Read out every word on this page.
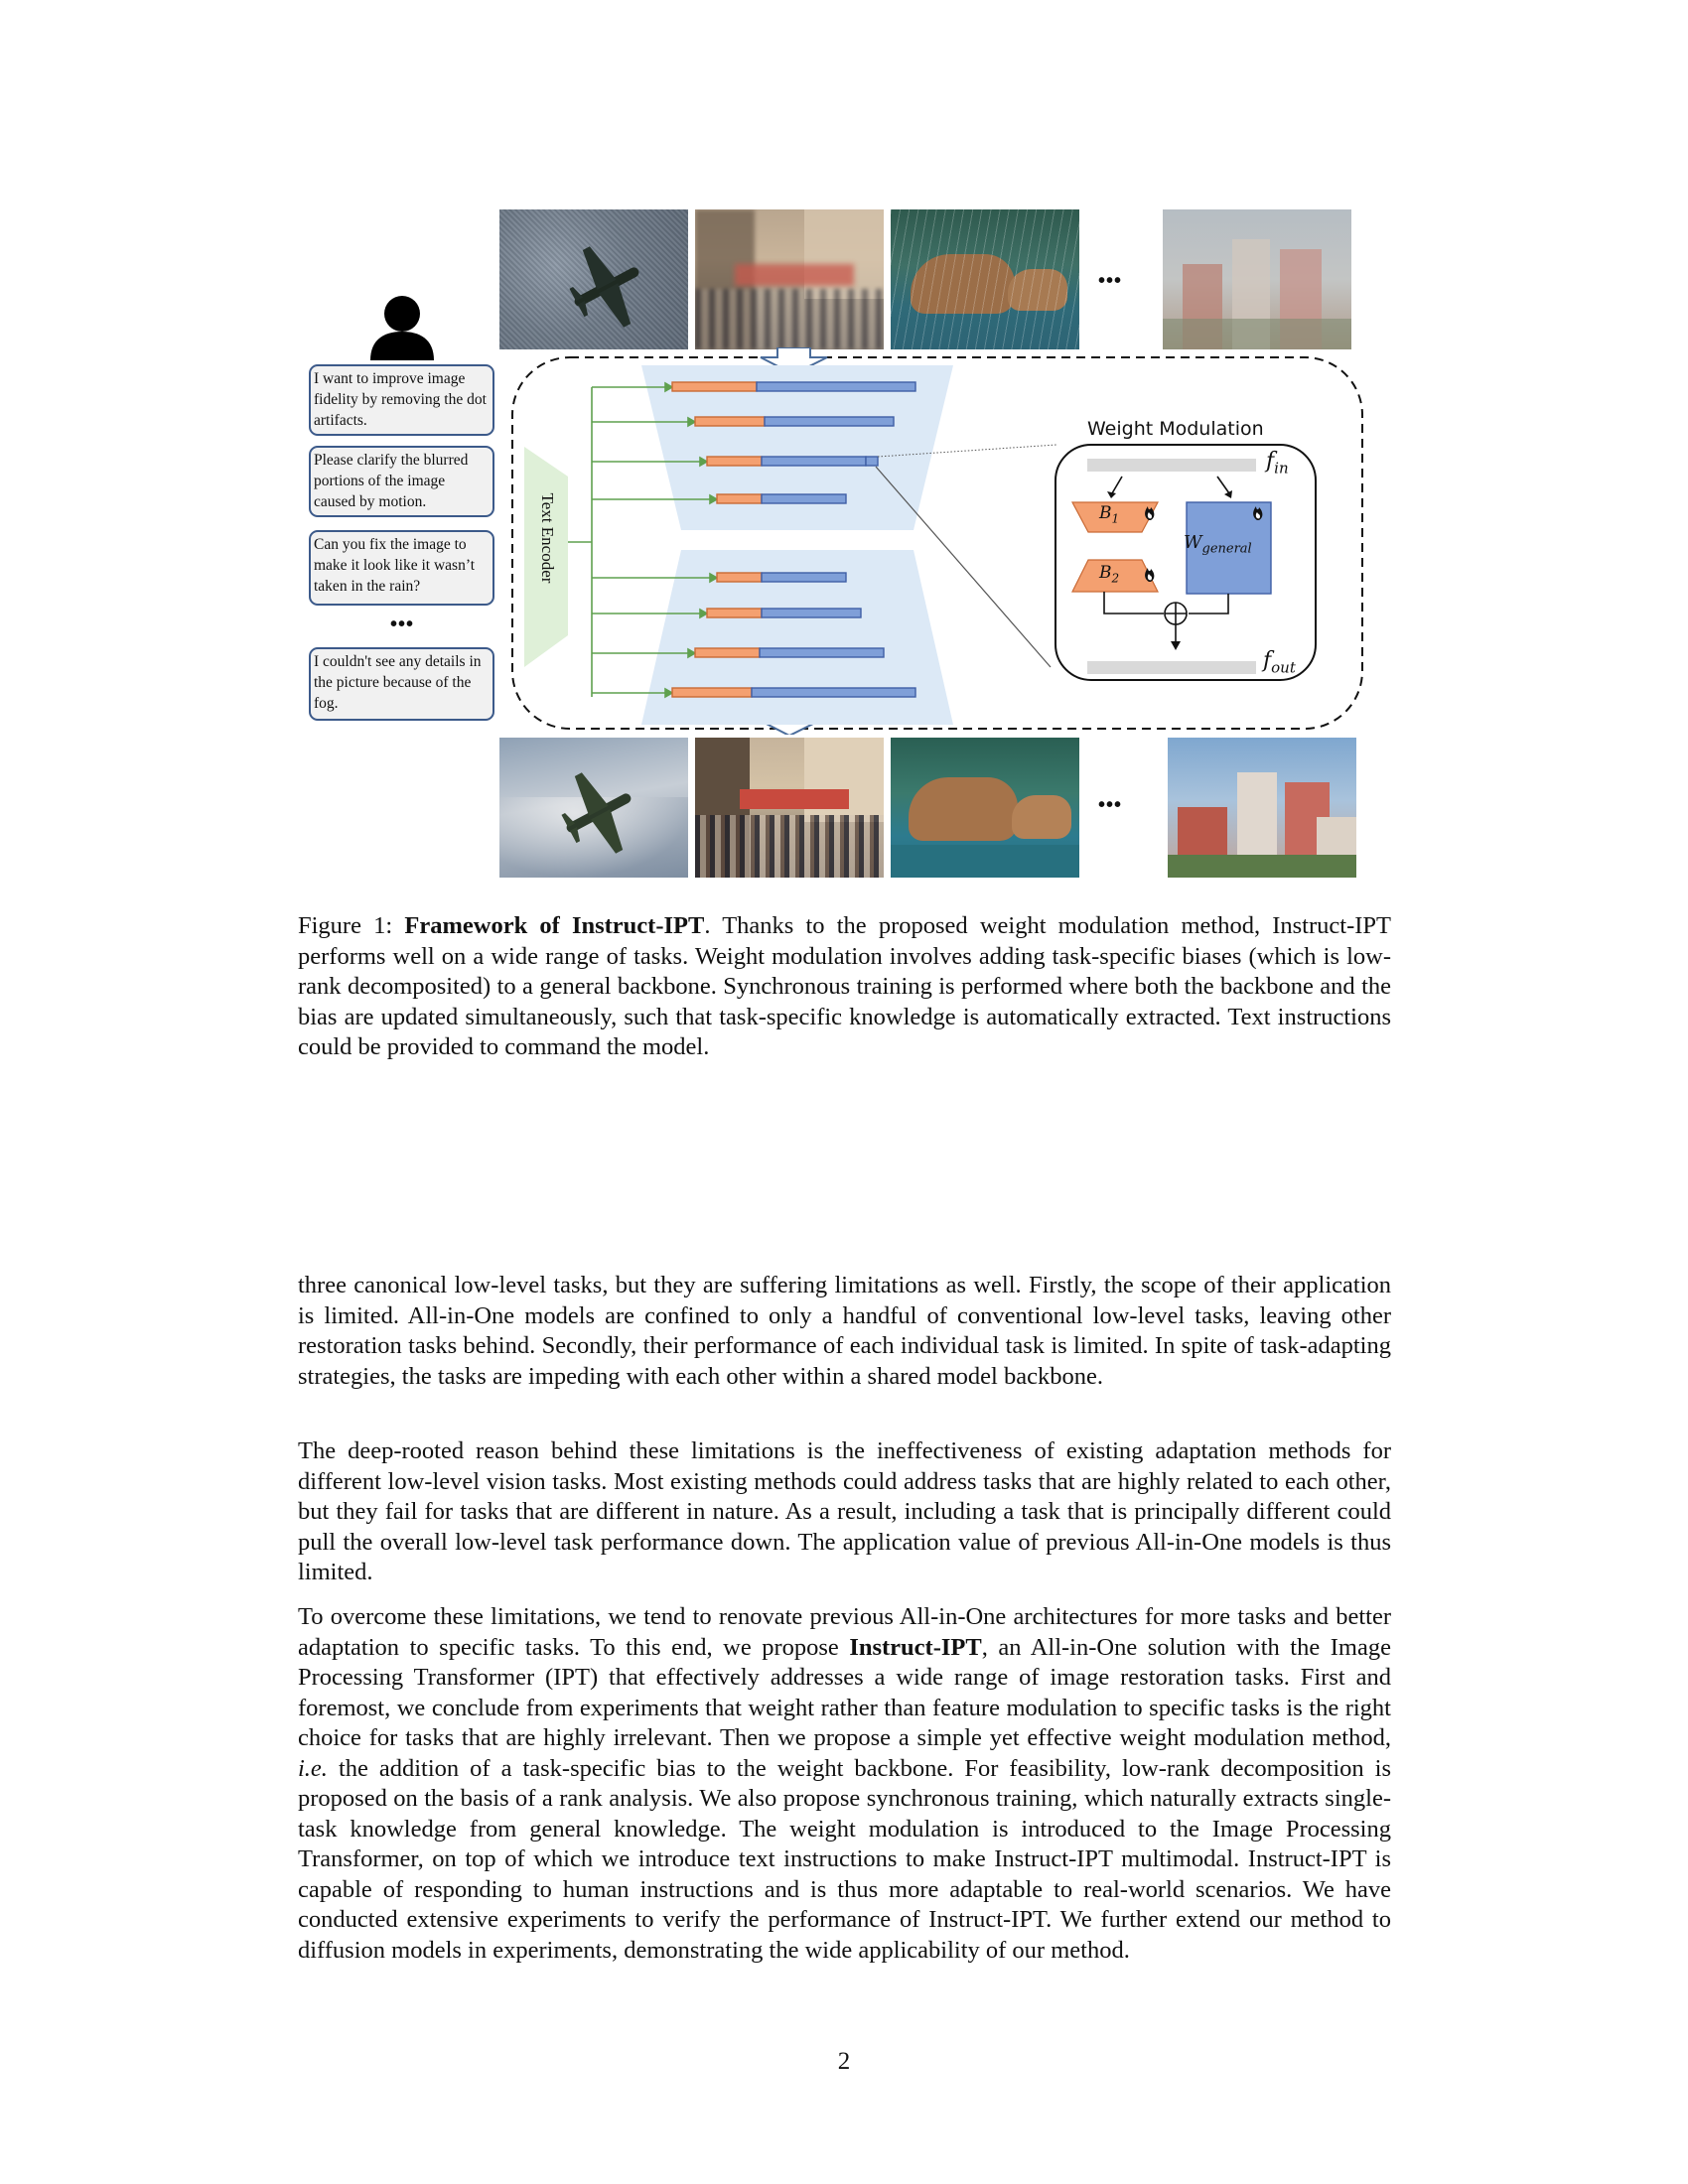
•••
I want to improve image fidelity by removing the dot artifacts.
Please clarify the blurred portions of the image caused by motion.
Can you fix the image to make it look like it wasn’t taken in the rain?
•••
I couldn't see any details in the picture because of the fog.
Text Encoder
Weight Modulation
$f_{in}$
$f_{out}$
$B_1$
$B_2$
$W_{general}$
•••
Figure 1: Framework of Instruct-IPT. Thanks to the proposed weight modulation method, Instruct-IPT performs well on a wide range of tasks. Weight modulation involves adding task-specific biases (which is low-rank decomposited) to a general backbone. Synchronous training is performed where both the backbone and the bias are updated simultaneously, such that task-specific knowledge is automatically extracted. Text instructions could be provided to command the model.

three canonical low-level tasks, but they are suffering limitations as well. Firstly, the scope of their application is limited. All-in-One models are confined to only a handful of conventional low-level tasks, leaving other restoration tasks behind. Secondly, their performance of each individual task is limited. In spite of task-adapting strategies, the tasks are impeding with each other within a shared model backbone.

The deep-rooted reason behind these limitations is the ineffectiveness of existing adaptation methods for different low-level vision tasks. Most existing methods could address tasks that are highly related to each other, but they fail for tasks that are different in nature. As a result, including a task that is principally different could pull the overall low-level task performance down. The application value of previous All-in-One models is thus limited.

To overcome these limitations, we tend to renovate previous All-in-One architectures for more tasks and better adaptation to specific tasks. To this end, we propose Instruct-IPT, an All-in-One solution with the Image Processing Transformer (IPT) that effectively addresses a wide range of image restoration tasks. First and foremost, we conclude from experiments that weight rather than feature modulation to specific tasks is the right choice for tasks that are highly irrelevant. Then we propose a simple yet effective weight modulation method, i.e. the addition of a task-specific bias to the weight backbone. For feasibility, low-rank decomposition is proposed on the basis of a rank analysis. We also propose synchronous training, which naturally extracts single-task knowledge from general knowledge. The weight modulation is introduced to the Image Processing Transformer, on top of which we introduce text instructions to make Instruct-IPT multimodal. Instruct-IPT is capable of responding to human instructions and is thus more adaptable to real-world scenarios. We have conducted extensive experiments to verify the performance of Instruct-IPT. We further extend our method to diffusion models in experiments, demonstrating the wide applicability of our method.

2
